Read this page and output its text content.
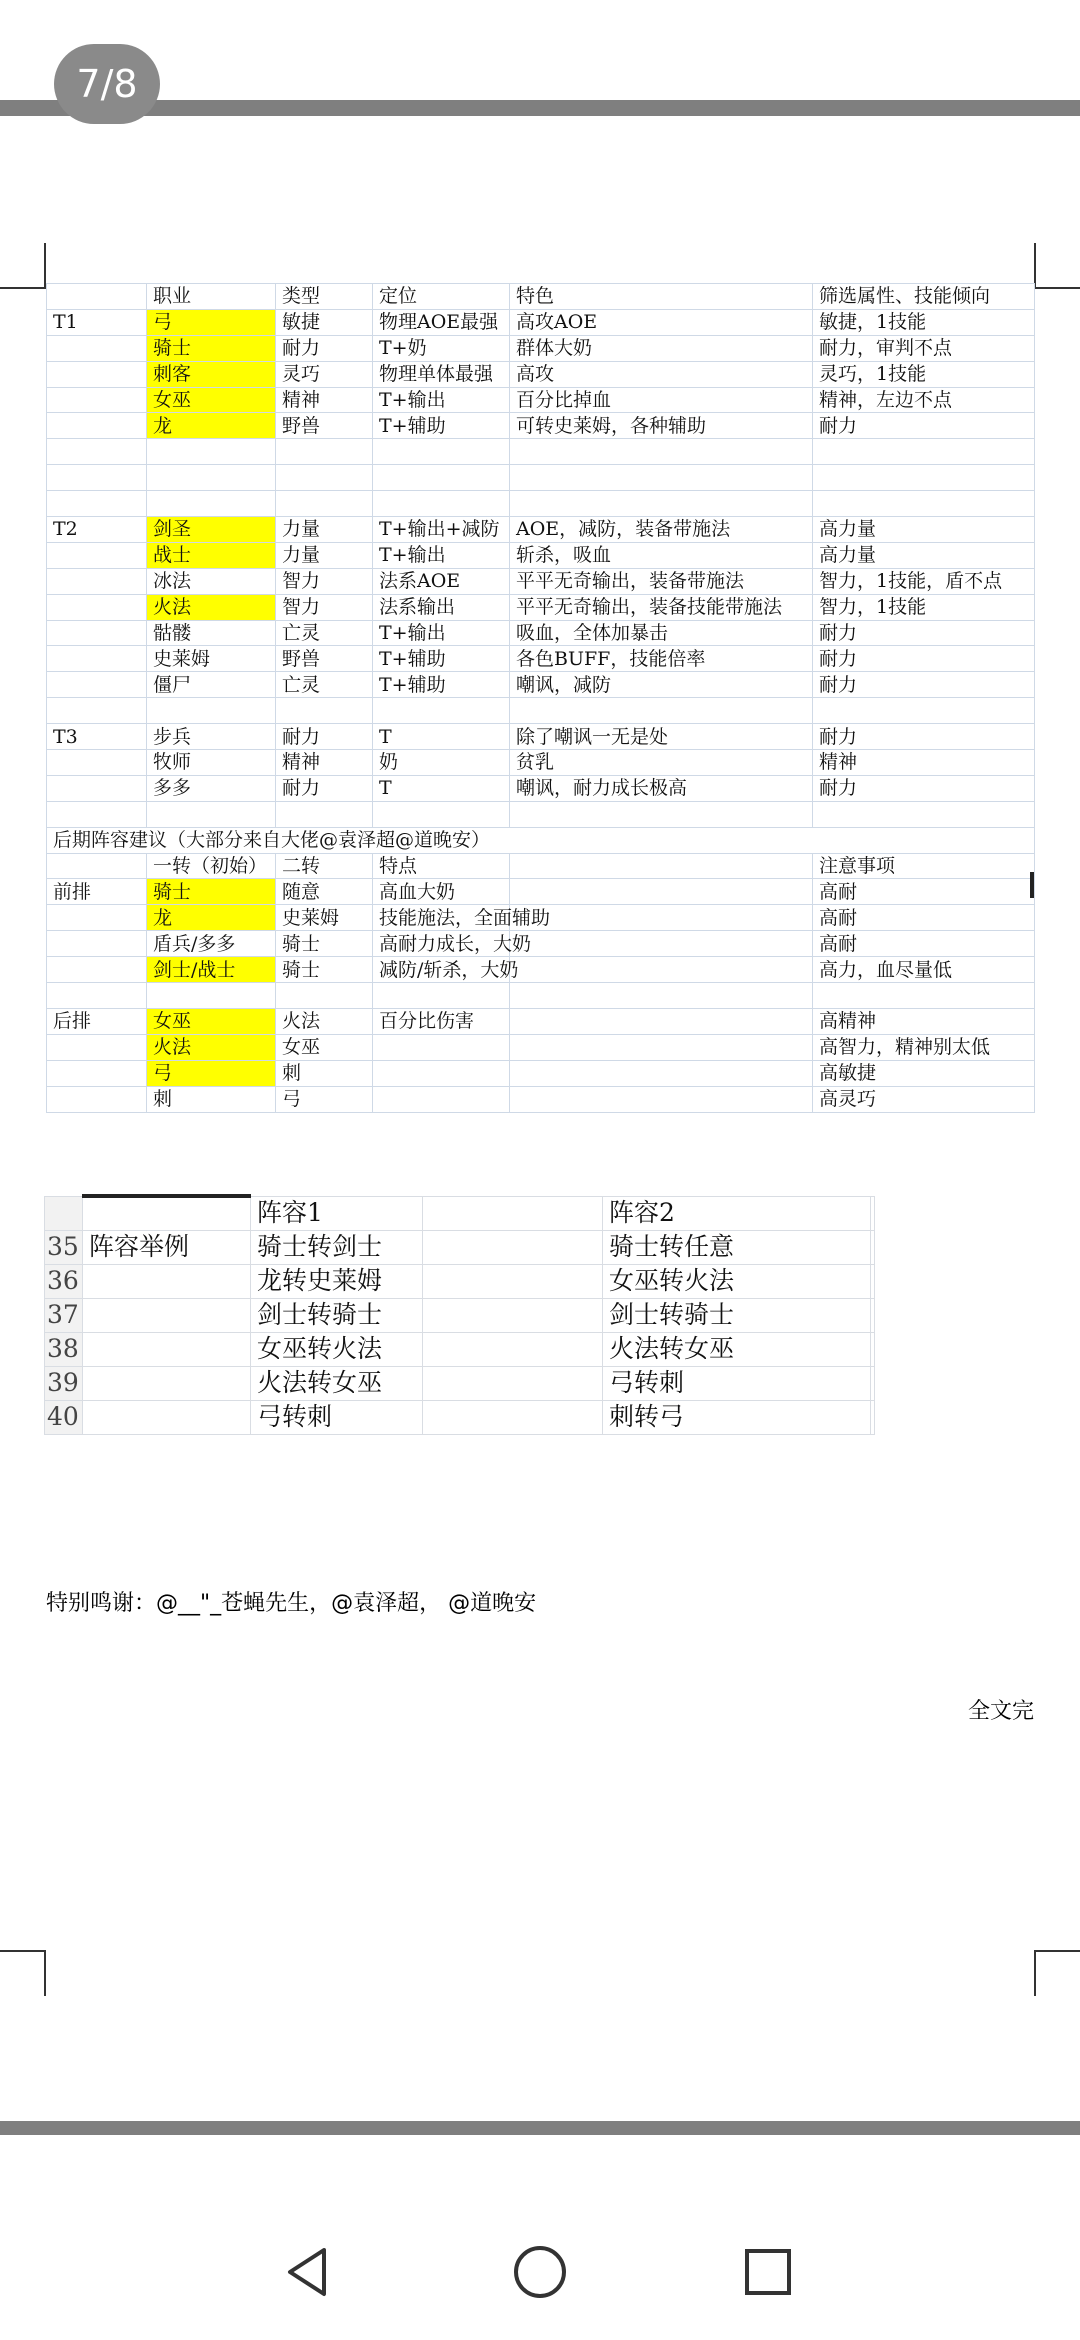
7/8
	职业	类型	定位	特色	筛选属性、技能倾向
T1	弓	敏捷	物理AOE最强	高攻AOE	敏捷，1技能
	骑士	耐力	T+奶	群体大奶	耐力，审判不点
	刺客	灵巧	物理单体最强	高攻	灵巧，1技能
	女巫	精神	T+输出	百分比掉血	精神，左边不点
	龙	野兽	T+辅助	可转史莱姆，各种辅助	耐力

T2	剑圣	力量	T+输出+减防	AOE，减防，装备带施法	高力量
	战士	力量	T+输出	斩杀，吸血	高力量
	冰法	智力	法系AOE	平平无奇输出，装备带施法	智力，1技能，盾不点
	火法	智力	法系输出	平平无奇输出，装备技能带施法	智力，1技能
	骷髅	亡灵	T+输出	吸血，全体加暴击	耐力
	史莱姆	野兽	T+辅助	各色BUFF，技能倍率	耐力
	僵尸	亡灵	T+辅助	嘲讽，减防	耐力

T3	步兵	耐力	T	除了嘲讽一无是处	耐力
	牧师	精神	奶	贫乳	精神
	多多	耐力	T	嘲讽，耐力成长极高	耐力

后期阵容建议（大部分来自大佬@袁泽超@道晚安）					
	一转（初始）	二转	特点		注意事项
前排	骑士	随意	高血大奶		高耐
	龙	史莱姆	技能施法，全面辅助		高耐
	盾兵/多多	骑士	高耐力成长，大奶		高耐
	剑士/战士	骑士	减防/斩杀，大奶		高力，血尽量低

后排	女巫	火法	百分比伤害		高精神
	火法	女巫			高智力，精神别太低
	弓	刺			高敏捷
	刺	弓			高灵巧
		阵容1		阵容2	
35	阵容举例	骑士转剑士		骑士转任意	
36		龙转史莱姆		女巫转火法	
37		剑士转骑士		剑士转骑士	
38		女巫转火法		火法转女巫	
39		火法转女巫		弓转刺	
40		弓转刺		刺转弓	
特别鸣谢：@__"_苍蝇先生，@袁泽超， @道晚安
全文完
